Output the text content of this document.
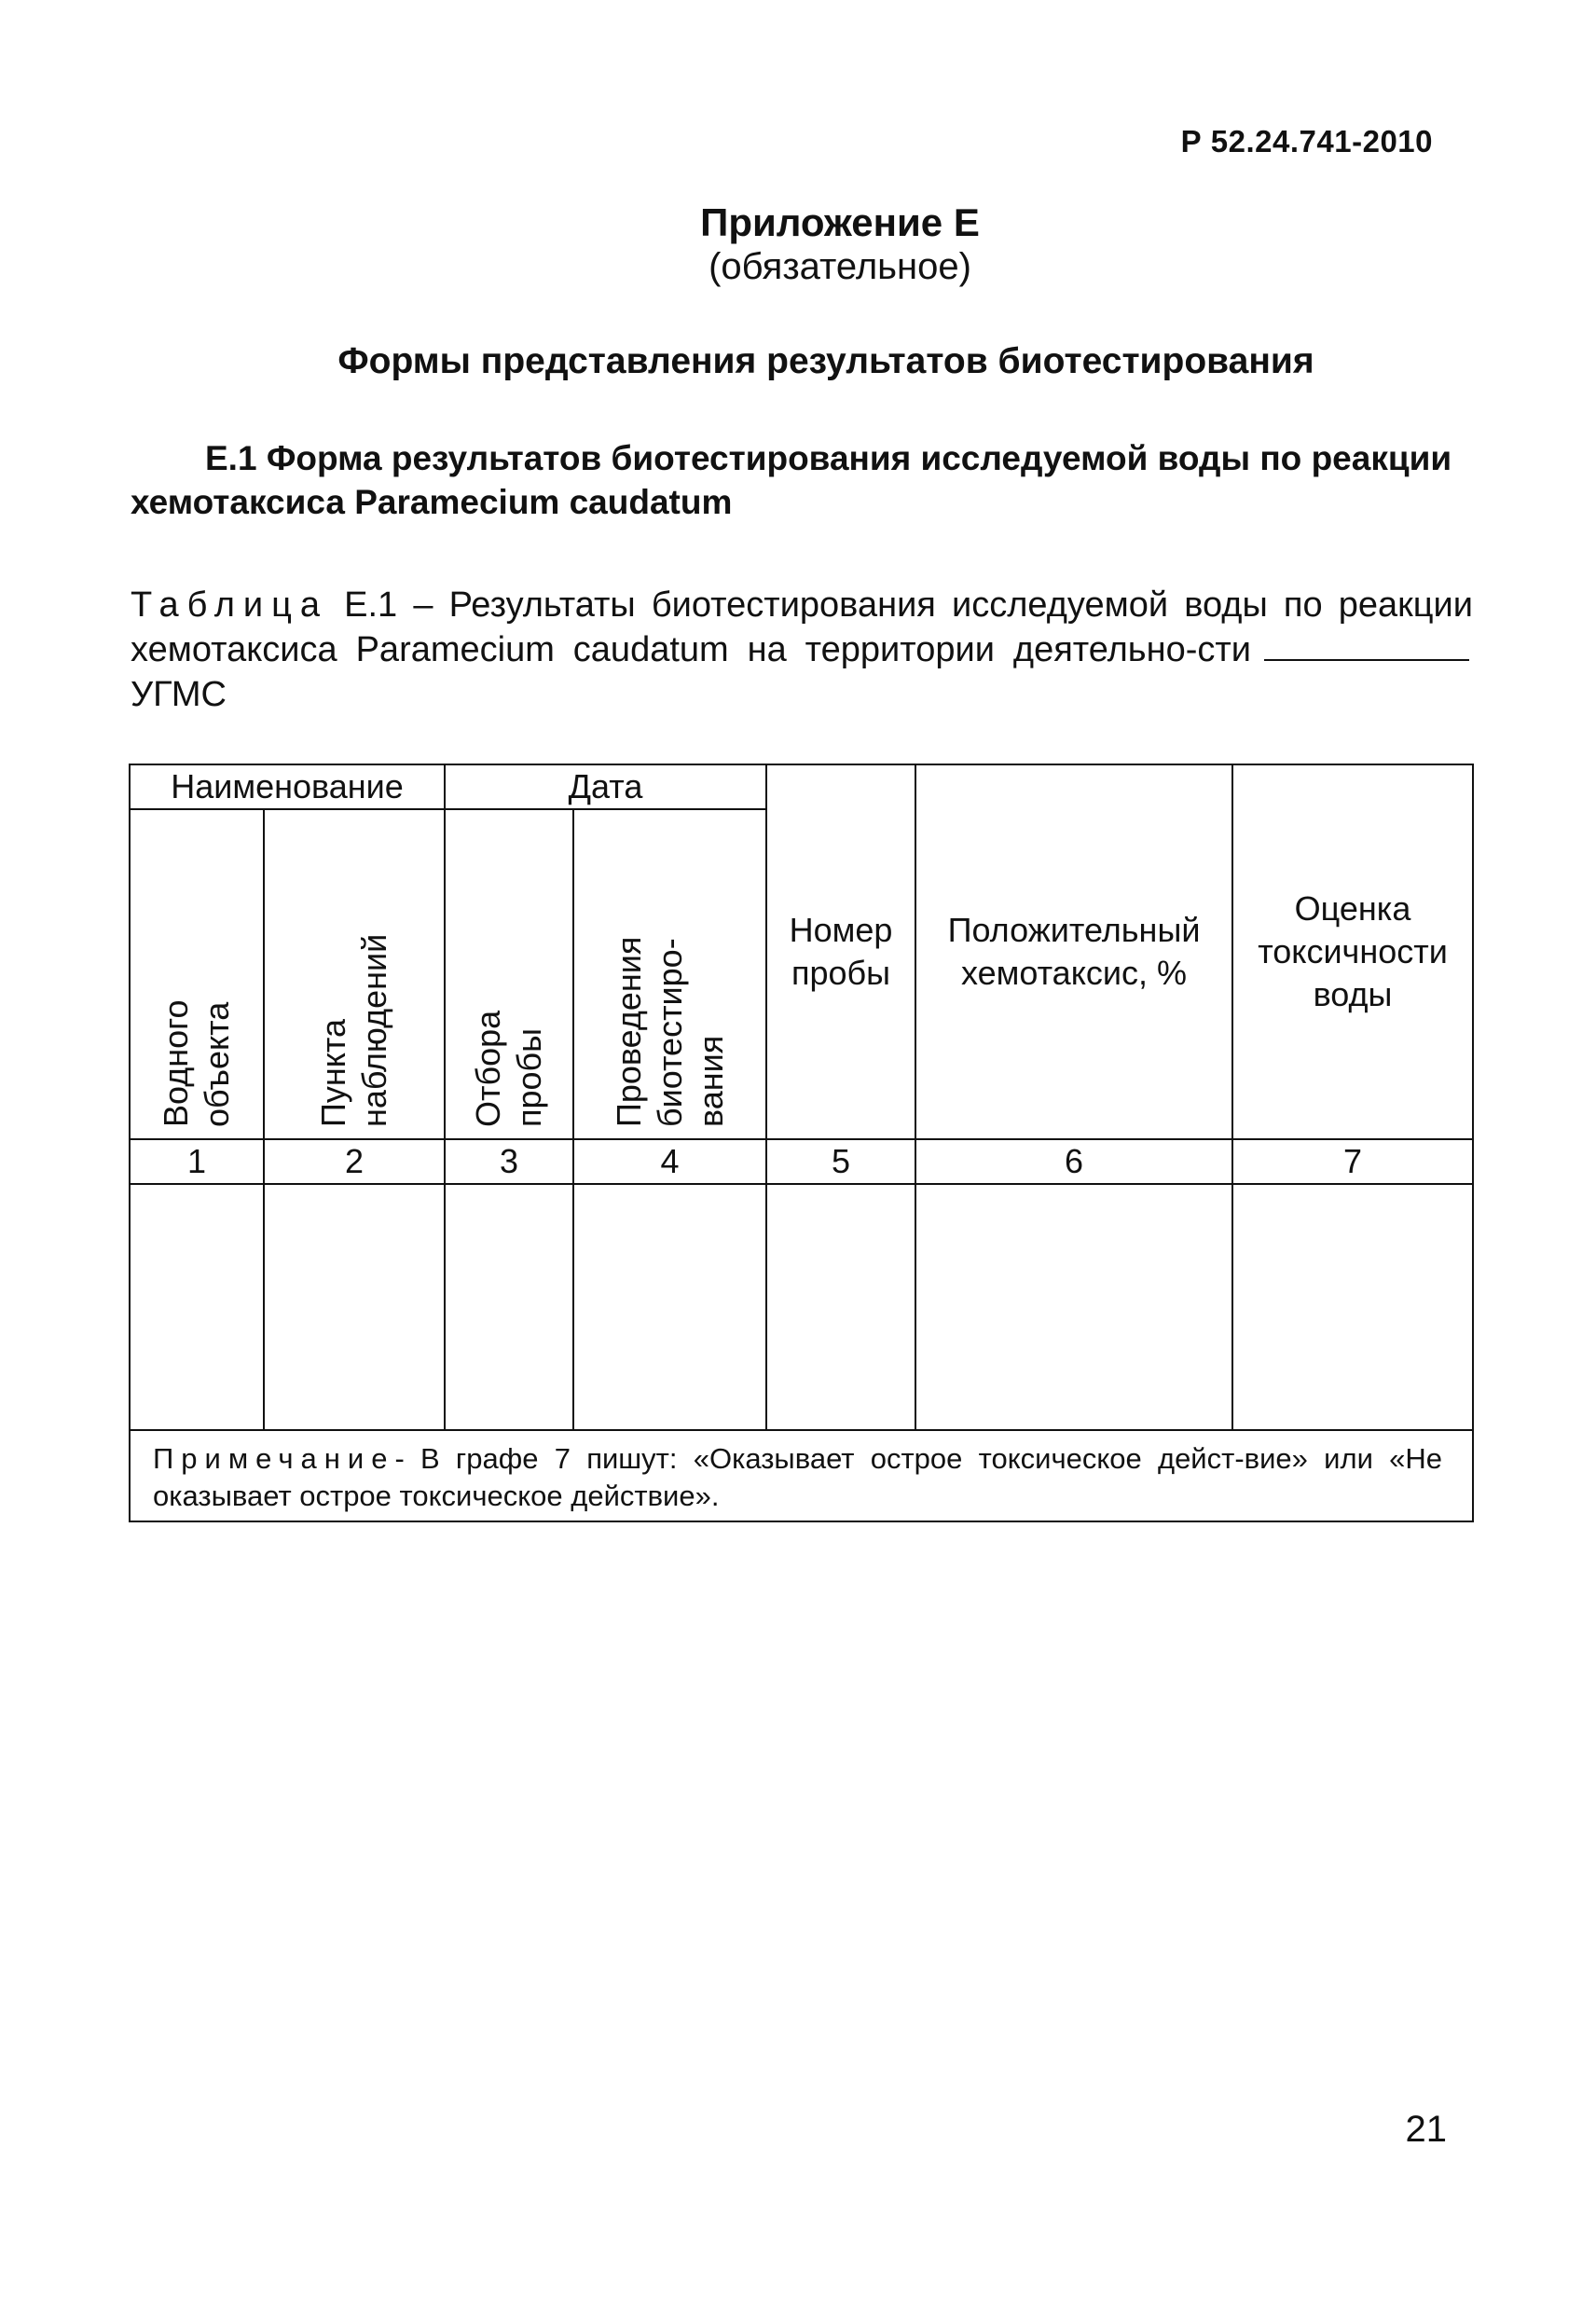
Р 52.24.741-2010
Приложение Е
(обязательное)
Формы представления результатов биотестирования
Е.1 Форма результатов биотестирования исследуемой воды по реакции хемотаксиса Paramecium caudatum
Таблица Е.1 – Результаты биотестирования исследуемой воды по реакции хемотаксиса Paramecium caudatum на территории деятельно-стиУГМС
Наименование		Дата		Номер пробы	Положительный хемотаксис, %	Оценка токсичности воды

Водного объекта	Пункта наблюдений	Отбора пробы	Проведения биотестиро-вания			

1	2	3	4	5	6	7

Примечание- В графе 7 пишут: «Оказывает острое токсическое дейст-вие» или «Не оказывает острое токсическое действие».						
21
